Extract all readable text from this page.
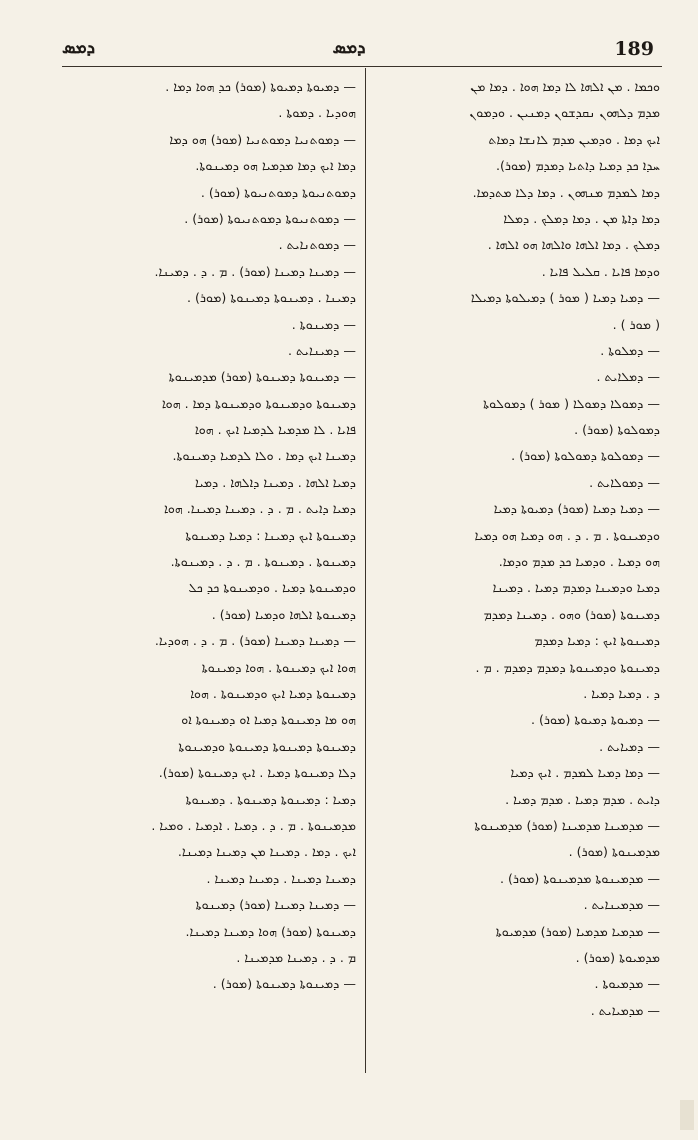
ܕܡܣ	ܕܡܣ	189
ܘܟܡܐ . ܡܢ ܐܠܗܐ ܠܐ ܕܡܐ ܗܘܐ . ܕܡܐ ܡܢ
ܡܕܡ ܕܠܗܘܢ ܢܩܕܫܘܢ ܕܡܢܝܢ . ܘܕܡܘܢ
ܐܝܟ ܕܡܐ . ܘܕܡܝܢ ܡܕܡ ܠܐܢܫܐ ܕܡܐܬ
ܚܕܐ ܟܕ ܕܡܝܐ ܕܐܬܝܐ ܕܡܕܡ (ܡܘܪ).
ܕܡܐ ܠܡܕܡ ܡܢܗܘܢ . ܕܡܐ ܕܠܐ ܡܬܕܡܐ.
ܕܡܐ ܕܐܬܐ ܡܢ . ܕܡܐ ܕܡܠܟ . ܕܡܠܐ
ܕܡܠܟ . ܕܡܐ ܐܠܗܐ ܘܐܠܗܐ ܗܘ ܐܠܗܐ .
ܘܕܡܐ ܦܐܝܐ . ܩܠܝܠ ܦܐܝܐ .
— ܕܡܝܐ ܕܡܝܐ ( ܡܘܪ ) ܕܡܝܠܘܬܐ ܕܡܝܠܐ
( ܡܘܪ ) .
— ܕܡܠܘܬܐ .
— ܕܡܠܐܝܬ .
— ܕܡܘܠܐ ܕܡܘܠܐ ( ܡܘܪ ) ܕܡܘܠܘܬܐ
ܕܡܘܠܘܬܐ (ܡܘܪ) .
— ܕܡܘܠܘܬܐ ܕܡܘܠܘܬܐ (ܡܘܪ) .
— ܕܡܘܠܐܝܬ .
— ܕܡܝܐ ܕܡܝܐ (ܡܘܪ) ܕܡܝܘܬܐ ܕܡܝܐ
ܘܕܡܝܢܘܬܐ . ܡ . ܕ . ܗܘ ܕܡܝܐ ܗܘ ܕܡܝܐ
ܗܘ ܕܡܝܐ . ܘܕܡܝܐ ܟܕ ܡܕܡ ܘܕܡܐ.
ܕܡܝܐ ܘܕܡܝܢܐ ܕܡܕܡ ܕܡܝܐ . ܕܡܝܢܐ
ܕܡܝܢܘܬܐ (ܡܘܪ) ܘܗܘ . ܕܡܝܢܐ ܕܡܕܡ
ܕܡܝܢܘܬܐ ܐܝܟ : ܕܡܝܐ ܕܡܕܡ
ܕܡܝܢܘܬܐ ܘܕܡܝܢܘܬܐ ܕܡܕܡ ܕܡܕܡ . ܡ .
ܕ . ܕܡܝܐ ܕܡܝܐ .
— ܕܡܝܘܬܐ ܕܡܝܘܬܐ (ܡܘܪ) .
— ܕܡܝܐܝܬ .
— ܕܡܐ ܕܡܝܐ ܠܡܕܡ . ܐܝܟ ܕܡܝܐ
ܕܐܝܬ . ܡܕܡ ܕܡܝܐ . ܡܕܡ ܕܡܝܐ .
— ܡܕܡܝܢܐ ܡܕܡܝܢܐ (ܡܘܪ) ܡܕܡܝܢܘܬܐ
ܡܕܡܝܢܘܬܐ (ܡܘܪ) .
— ܡܕܡܝܢܘܬܐ ܡܕܡܝܢܘܬܐ (ܡܘܪ) .
— ܡܕܡܝܢܐܝܬ .
— ܡܕܡܝܐ ܡܕܡܝܐ (ܡܘܪ) ܡܕܡܝܘܬܐ
ܡܕܡܝܘܬܐ (ܡܘܪ) .
— ܡܕܡܝܘܬܐ .
— ܡܕܡܝܐܝܬ .
— ܕܡܝܘܬܐ ܕܡܝܘܬܐ (ܡܘܪ) ܟܕ ܗܘܐ ܕܡܐ .
ܗܘܕܝܐ . ܕܡܘܬܐ .
— ܕܡܘܬܢܝܐ ܕܡܘܬܢܝܐ (ܡܘܪ) ܗܘ ܕܡܐ
ܕܡܐ ܐܝܟ ܕܡܐ ܡܕܡܝܐ ܗܘ ܕܡܝܢܘܬܐ.
ܕܡܘܬܢܝܘܬܐ ܕܡܘܬܢܝܘܬܐ (ܡܘܪ) .
— ܕܡܘܬܢܝܘܬܐ ܕܡܘܬܢܝܘܬܐ (ܡܘܪ) .
— ܕܡܘܬܢܐܝܬ .
— ܕܡܝܢܐ ܕܡܝܢܐ (ܡܘܪ) . ܡ . ܕ . ܕܡܝܢܐ.
ܕܡܝܢܐ . ܕܡܝܢܘܬܐ ܕܡܝܢܘܬܐ (ܡܘܪ) .
— ܕܡܝܢܘܬܐ .
— ܕܡܝܢܐܝܬ .
— ܕܡܝܢܘܬܐ ܕܡܝܢܘܬܐ (ܡܘܪ) ܡܕܡܝܢܘܬܐ
ܕܡܝܢܘܬܐ ܘܕܡܝܢܘܬܐ ܘܕܡܝܢܘܬܐ ܕܡܐ . ܗܘܐ
ܦܐܝܐ . ܠܐ ܡܕܡܝܐ ܠܕܡܝܐ ܐܝܟ . ܗܘܐ
ܕܡܝܢܐ ܐܝܟ ܕܡܐ . ܘܠܐ ܠܕܡܝܐ ܕܡܝܢܘܬܐ.
ܕܡܝܐ ܐܠܗܐ . ܕܡܝܢܐ ܕܐܠܗܐ . ܕܡܝܐ
ܕܡܝܐ ܕܐܝܬ . ܡ . ܕ . ܕܡܝܢܐ ܕܡܝܢܐ. ܗܘܐ
ܕܡܝܢܘܬܐ ܐܝܟ ܕܡܝܢܐ : ܕܡܝܐ ܕܡܝܢܘܬܐ
ܕܡܝܢܘܬܐ . ܕܡܝܢܘܬܐ . ܡ . ܕ . ܕܡܝܢܘܬܐ.
ܘܕܡܝܢܘܬܐ ܕܡܝܐ . ܘܕܡܝܢܘܬܐ ܟܕ ܟܠ
ܕܡܝܢܘܬܐ ܐܠܗܐ ܘܕܡܝܐ (ܡܘܪ) .
— ܕܡܝܢܐ ܕܡܝܢܐ (ܡܘܪ) . ܡ . ܕ . ܗܘܕܝܐ.
ܗܘܐ ܐܝܟ ܕܡܝܢܘܬܐ . ܗܘܐ ܕܡܝܢܘܬܐ
ܕܡܝܢܘܬܐ ܕܡܝܐ ܐܝܟ ܘܕܡܝܢܘܬܐ . ܗܘܐ
ܗܘ ܡܐ ܕܡܝܢܘܬܐ ܕܡܝܐ ܐܘ ܕܡܝܢܘܬܐ ܐܘ
ܕܡܝܢܘܬܐ ܕܡܝܢܘܬܐ ܕܡܝܢܘܬܐ ܘܕܡܝܢܘܬܐ
ܕܠܐ ܕܡܝܢܘܬܐ ܕܡܝܐ . ܐܝܟ ܕܡܝܢܘܬܐ (ܡܘܪ).
ܕܡܝܐ : ܕܡܝܢܘܬܐ ܕܡܝܢܘܬܐ . ܕܡܝܢܘܬܐ
ܡܕܡܝܢܘܬܐ . ܡ . ܕ . ܕܡܝܐ . ܐܕܡܝܐ . ܘܡܝܐ .
ܐܝܟ . ܕܡܐ . ܕܡܝܢܐ ܡܢ ܕܡܝܢܐ ܕܡܝܢܐ.
ܕܡܝܢܐ ܕܡܝܢܐ . ܕܡܝܢܐ ܕܡܝܢܐ .
— ܕܡܝܢܐ ܕܡܝܢܐ (ܡܘܪ) ܕܡܝܢܘܬܐ
ܕܡܝܢܘܬܐ (ܡܘܪ) ܗܘܐ ܕܡܝܢܐ ܕܡܝܢܐ.
ܡ . ܕ . ܕܡܝܢܐ ܡܕܡܝܢܐ .
— ܕܡܝܢܘܬܐ ܕܡܝܢܘܬܐ (ܡܘܪ) .
